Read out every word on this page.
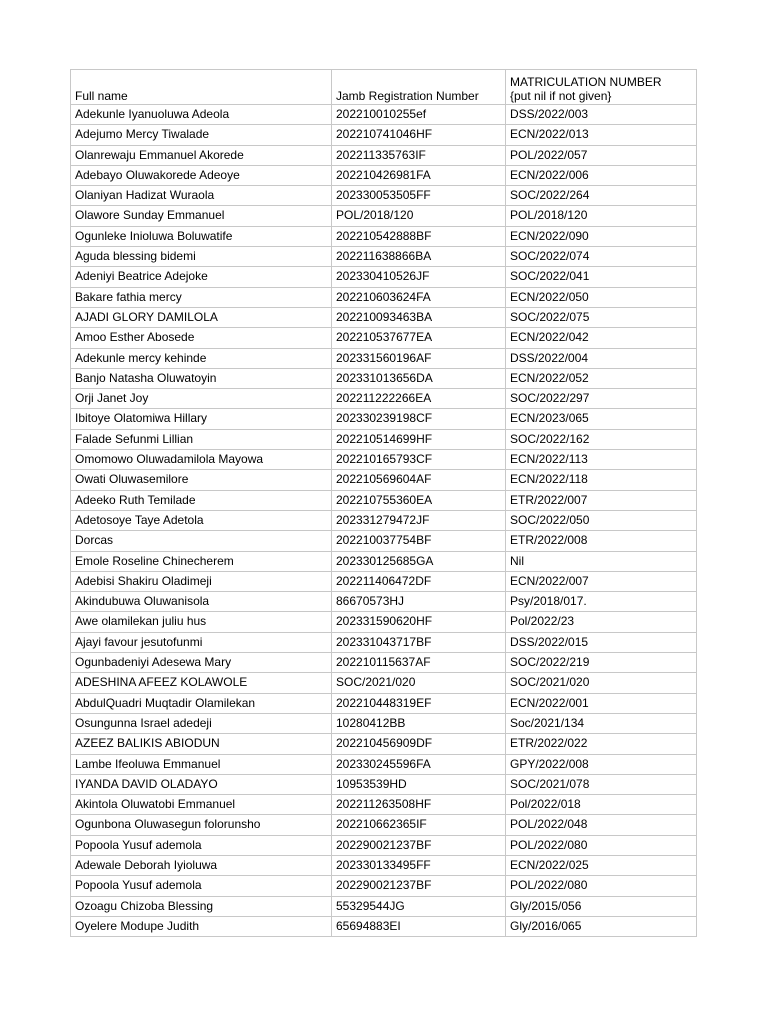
Full name	Jamb Registration Number	MATRICULATION NUMBER
{put nil if not given}

Adekunle Iyanuoluwa Adeola	202210010255ef	DSS/2022/003
Adejumo Mercy Tiwalade	202210741046HF	ECN/2022/013
Olanrewaju Emmanuel Akorede	202211335763IF	POL/2022/057
Adebayo Oluwakorede Adeoye	202210426981FA	ECN/2022/006
Olaniyan Hadizat Wuraola	202330053505FF	SOC/2022/264
Olawore Sunday Emmanuel	POL/2018/120	POL/2018/120
Ogunleke Inioluwa Boluwatife	202210542888BF	ECN/2022/090
Aguda blessing bidemi	202211638866BA	SOC/2022/074
Adeniyi Beatrice Adejoke	202330410526JF	SOC/2022/041
Bakare fathia mercy	202210603624FA	ECN/2022/050
AJADI GLORY DAMILOLA	202210093463BA	SOC/2022/075
Amoo Esther Abosede	202210537677EA	ECN/2022/042
Adekunle mercy kehinde	202331560196AF	DSS/2022/004
Banjo Natasha Oluwatoyin	202331013656DA	ECN/2022/052
Orji Janet Joy	202211222266EA	SOC/2022/297
Ibitoye Olatomiwa Hillary	202330239198CF	ECN/2023/065
Falade Sefunmi Lillian	202210514699HF	SOC/2022/162
Omomowo Oluwadamilola Mayowa	202210165793CF	ECN/2022/113
Owati Oluwasemilore	202210569604AF	ECN/2022/118
Adeeko Ruth Temilade	202210755360EA	ETR/2022/007
Adetosoye Taye Adetola	202331279472JF	SOC/2022/050
Dorcas	202210037754BF	ETR/2022/008
Emole Roseline Chinecherem	202330125685GA	Nil
Adebisi Shakiru Oladimeji	202211406472DF	ECN/2022/007
Akindubuwa Oluwanisola	86670573HJ	Psy/2018/017.
Awe olamilekan juliu hus	202331590620HF	Pol/2022/23
Ajayi favour jesutofunmi	202331043717BF	DSS/2022/015
Ogunbadeniyi Adesewa Mary	202210115637AF	SOC/2022/219
ADESHINA AFEEZ KOLAWOLE	SOC/2021/020	SOC/2021/020
AbdulQuadri Muqtadir Olamilekan	202210448319EF	ECN/2022/001
Osungunna Israel adedeji	10280412BB	Soc/2021/134
AZEEZ BALIKIS ABIODUN	202210456909DF	ETR/2022/022
Lambe Ifeoluwa Emmanuel	202330245596FA	GPY/2022/008
IYANDA DAVID OLADAYO	10953539HD	SOC/2021/078
Akintola Oluwatobi Emmanuel	202211263508HF	Pol/2022/018
Ogunbona Oluwasegun folorunsho	202210662365IF	POL/2022/048
Popoola Yusuf ademola	202290021237BF	POL/2022/080
Adewale Deborah Iyioluwa	202330133495FF	ECN/2022/025
Popoola Yusuf ademola	202290021237BF	POL/2022/080
Ozoagu Chizoba Blessing	55329544JG	Gly/2015/056
Oyelere Modupe Judith	65694883EI	Gly/2016/065
